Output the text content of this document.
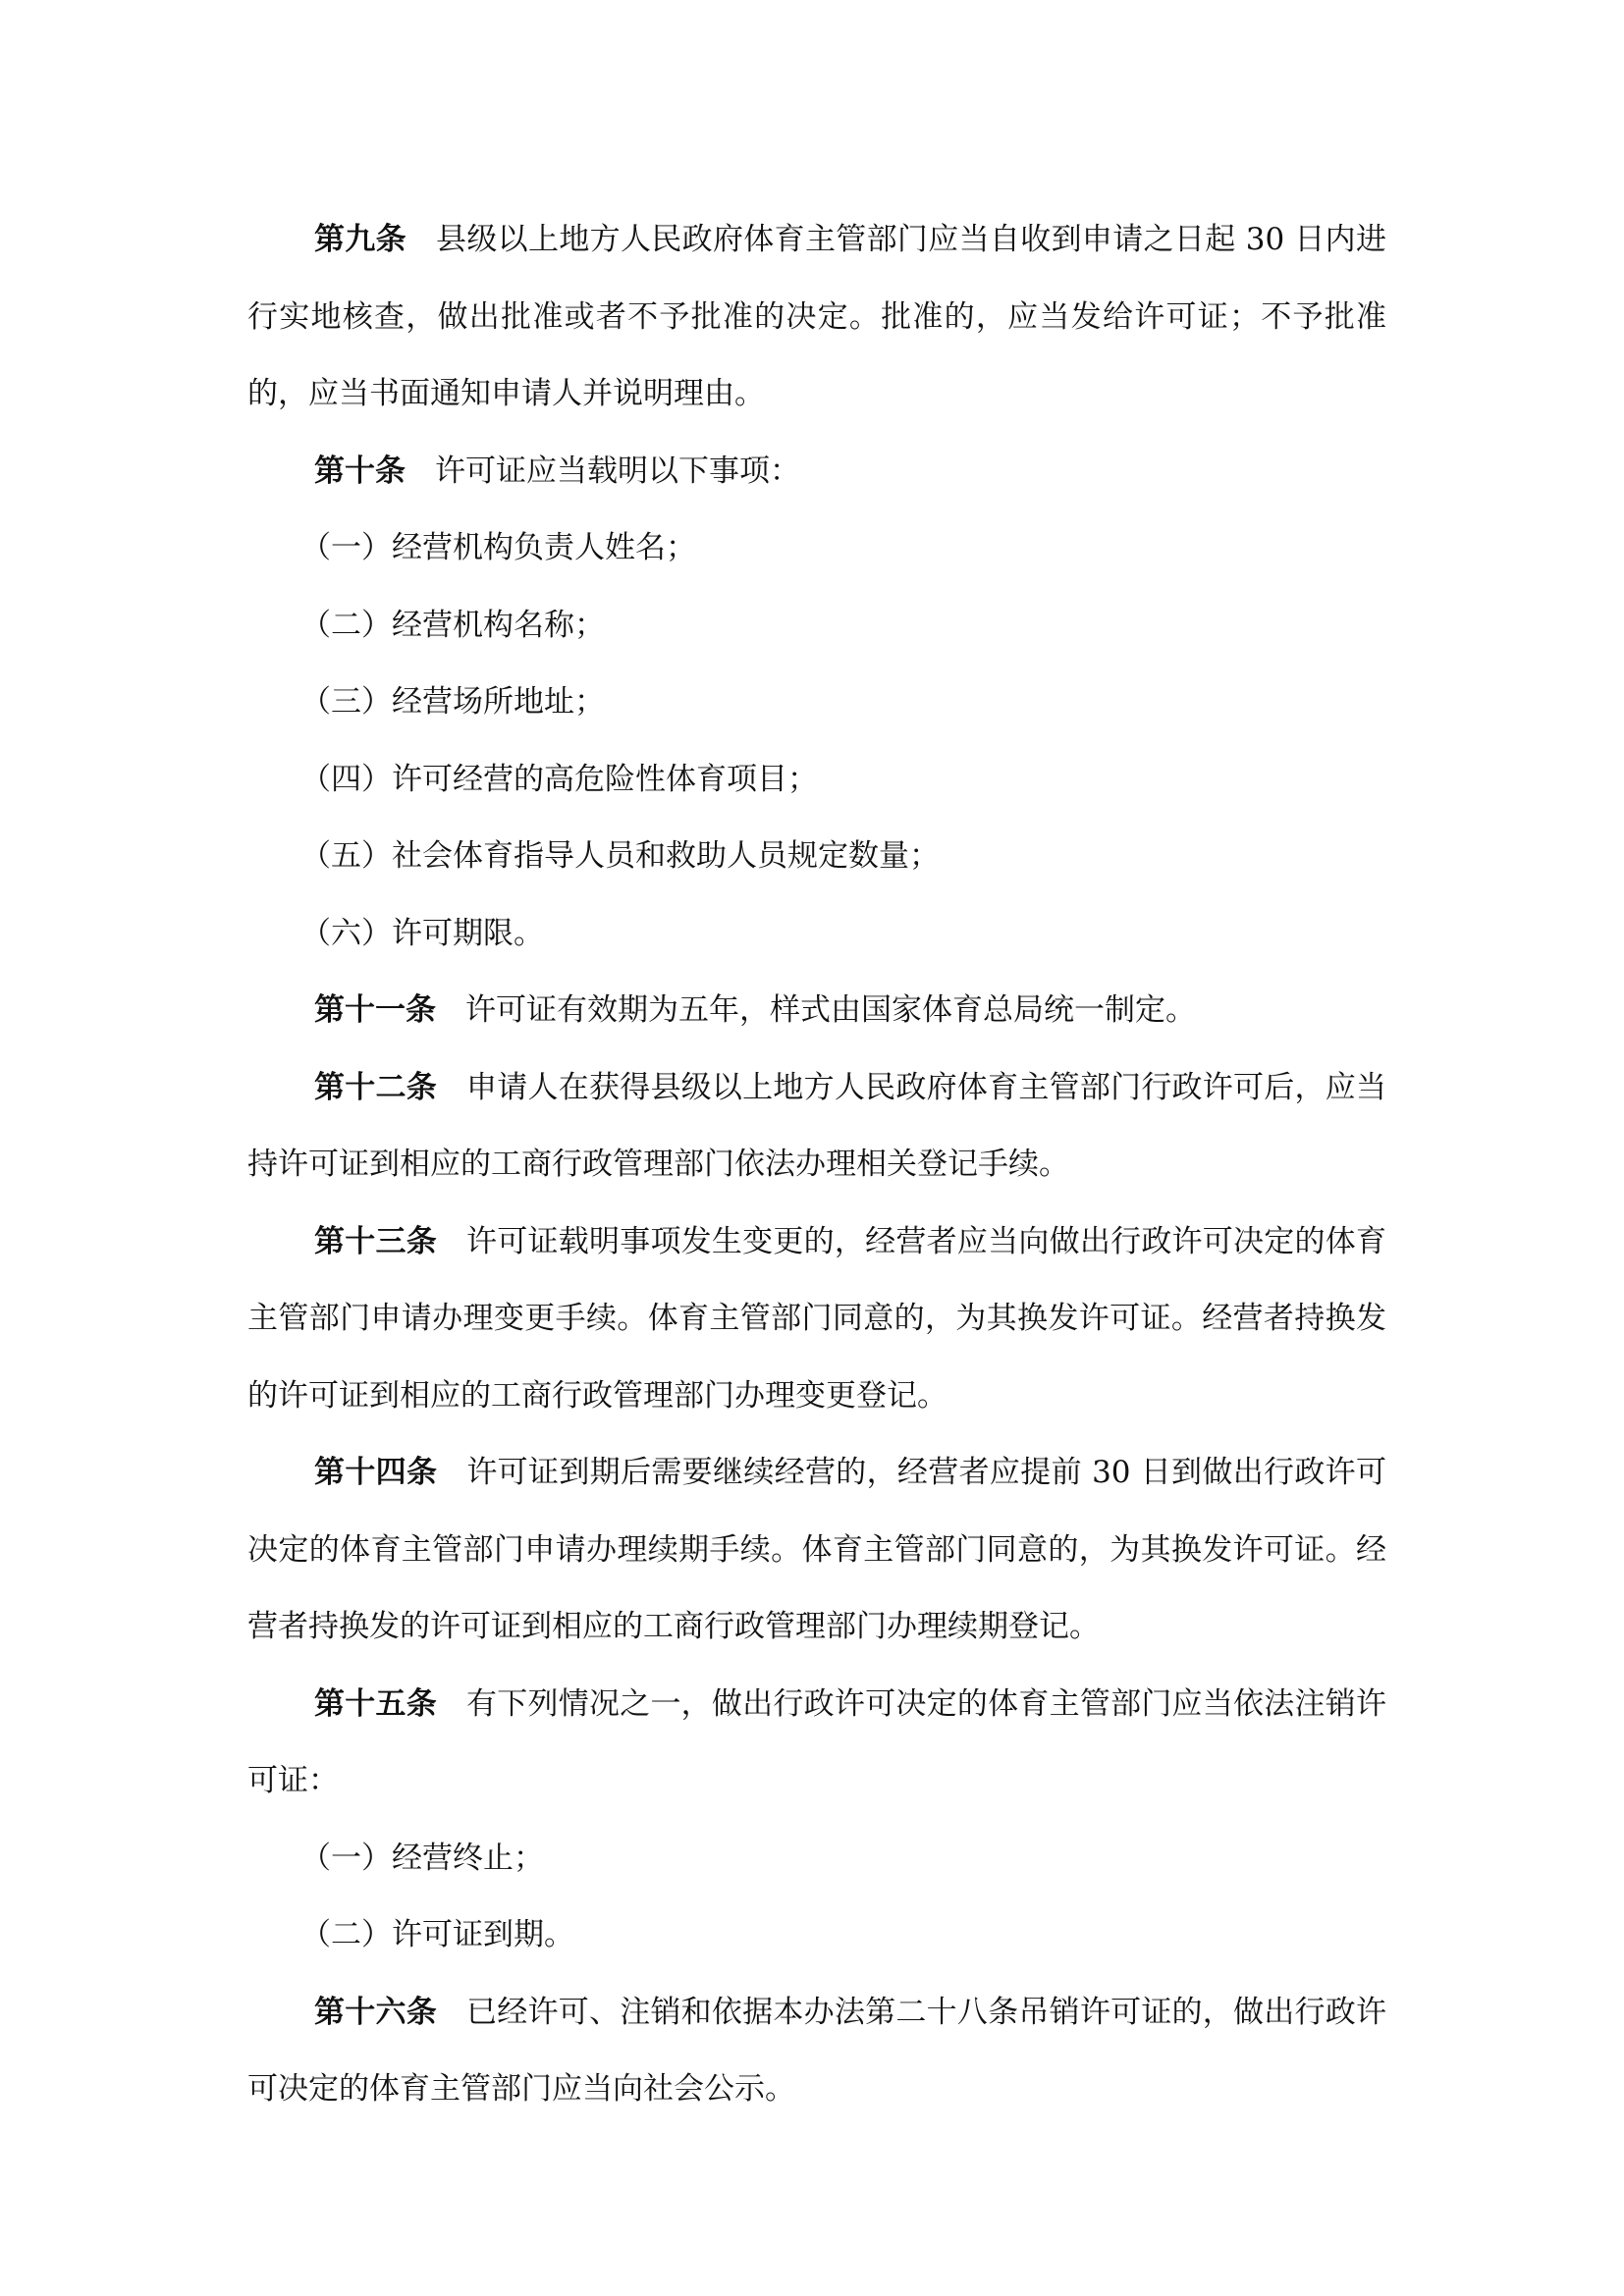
第九条 县级以上地方人民政府体育主管部门应当自收到申请之日起 30 日内进行实地核查，做出批准或者不予批准的决定。批准的，应当发给许可证；不予批准的，应当书面通知申请人并说明理由。

第十条 许可证应当载明以下事项：

（一）经营机构负责人姓名；

（二）经营机构名称；

（三）经营场所地址；

（四）许可经营的高危险性体育项目；

（五）社会体育指导人员和救助人员规定数量；

（六）许可期限。

第十一条 许可证有效期为五年，样式由国家体育总局统一制定。

第十二条 申请人在获得县级以上地方人民政府体育主管部门行政许可后，应当持许可证到相应的工商行政管理部门依法办理相关登记手续。

第十三条 许可证载明事项发生变更的，经营者应当向做出行政许可决定的体育主管部门申请办理变更手续。体育主管部门同意的，为其换发许可证。经营者持换发的许可证到相应的工商行政管理部门办理变更登记。

第十四条 许可证到期后需要继续经营的，经营者应提前 30 日到做出行政许可决定的体育主管部门申请办理续期手续。体育主管部门同意的，为其换发许可证。经营者持换发的许可证到相应的工商行政管理部门办理续期登记。

第十五条 有下列情况之一，做出行政许可决定的体育主管部门应当依法注销许可证：

（一）经营终止；

（二）许可证到期。

第十六条 已经许可、注销和依据本办法第二十八条吊销许可证的，做出行政许可决定的体育主管部门应当向社会公示。
